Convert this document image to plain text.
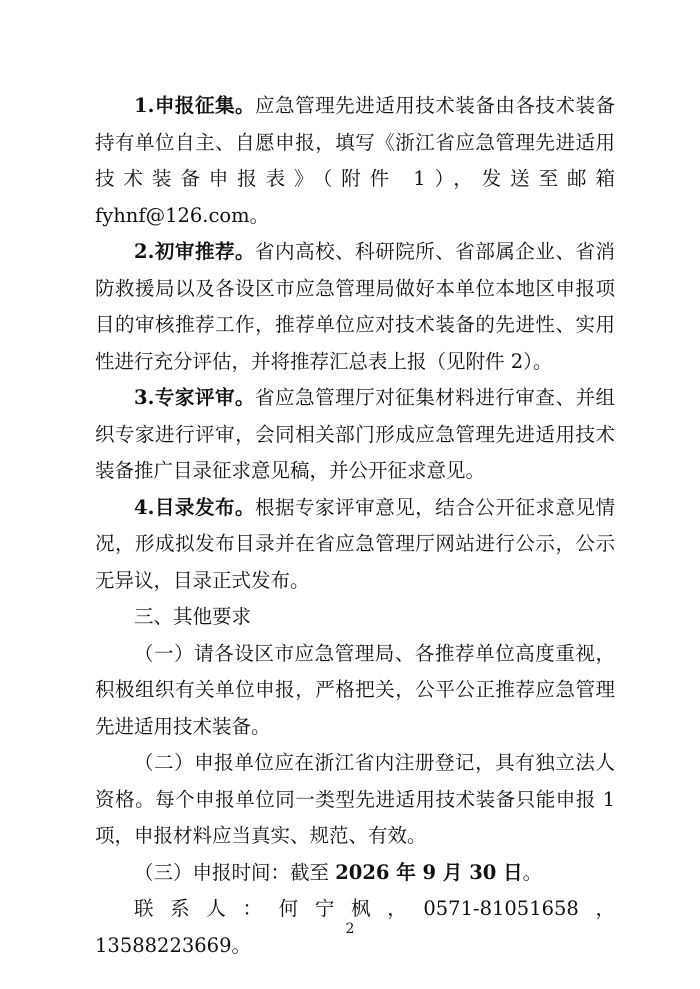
1.申报征集。应急管理先进适用技术装备由各技术装备持有单位自主、自愿申报，填写《浙江省应急管理先进适用技术装备申报表》（附件 1），发送至邮箱 fyhnf@126.com。

2.初审推荐。省内高校、科研院所、省部属企业、省消防救援局以及各设区市应急管理局做好本单位本地区申报项目的审核推荐工作，推荐单位应对技术装备的先进性、实用性进行充分评估，并将推荐汇总表上报（见附件 2）。

3.专家评审。省应急管理厅对征集材料进行审查、并组织专家进行评审，会同相关部门形成应急管理先进适用技术装备推广目录征求意见稿，并公开征求意见。

4.目录发布。根据专家评审意见，结合公开征求意见情况，形成拟发布目录并在省应急管理厅网站进行公示，公示无异议，目录正式发布。

三、其他要求

（一）请各设区市应急管理局、各推荐单位高度重视，积极组织有关单位申报，严格把关，公平公正推荐应急管理先进适用技术装备。

（二）申报单位应在浙江省内注册登记，具有独立法人资格。每个申报单位同一类型先进适用技术装备只能申报 1 项，申报材料应当真实、规范、有效。

（三）申报时间：截至 2026 年 9 月 30 日。

联系人：何宁枫，0571-81051658，13588223669。

2
